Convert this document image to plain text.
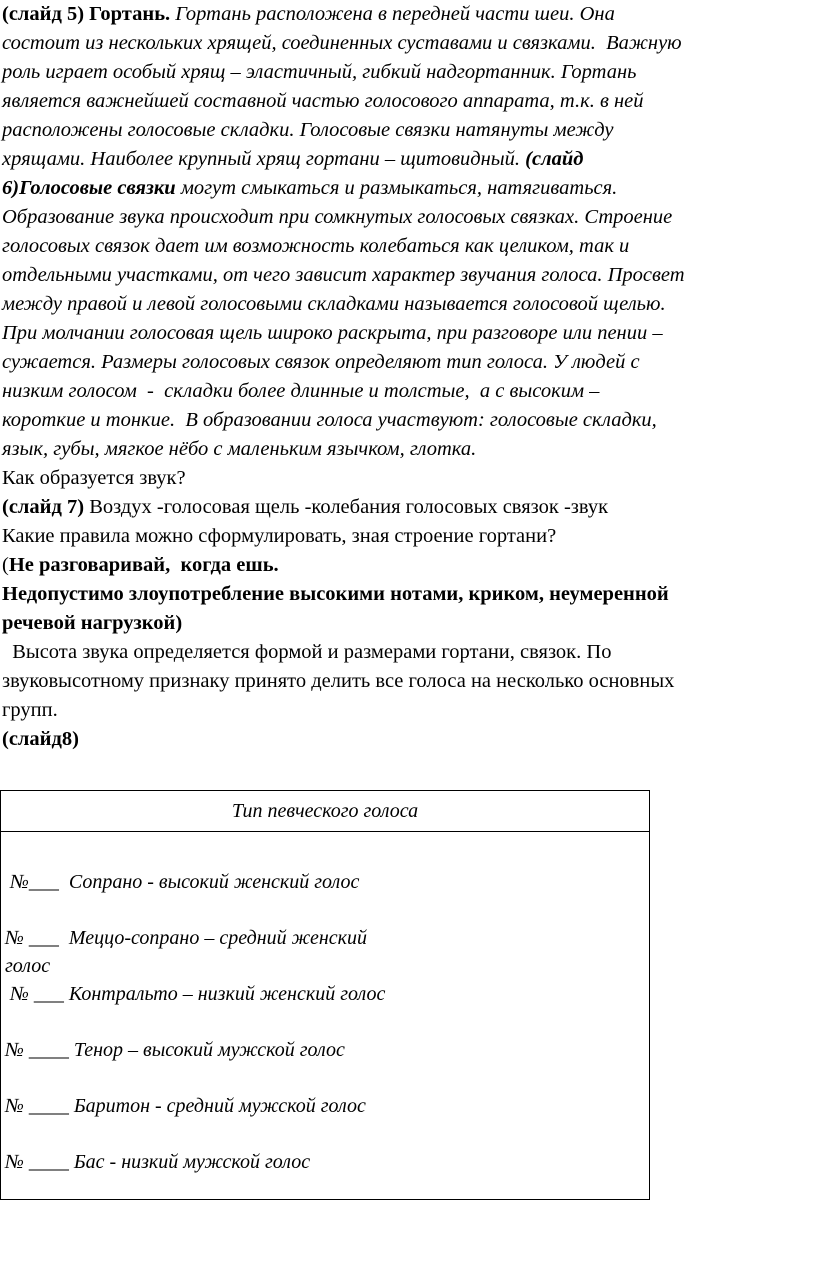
(слайд 5) Гортань. Гортань расположена в передней части шеи. Она
состоит из нескольких хрящей, соединенных суставами и связками.  Важную
роль играет особый хрящ – эластичный, гибкий надгортанник. Гортань
является важнейшей составной частью голосового аппарата, т.к. в ней
расположены голосовые складки. Голосовые связки натянуты между
хрящами. Наиболее крупный хрящ гортани – щитовидный. (слайд
6)Голосовые связки могут смыкаться и размыкаться, натягиваться.
Образование звука происходит при сомкнутых голосовых связках. Строение
голосовых связок дает им возможность колебаться как целиком, так и
отдельными участками, от чего зависит характер звучания голоса. Просвет
между правой и левой голосовыми складками называется голосовой щелью.
При молчании голосовая щель широко раскрыта, при разговоре или пении –
сужается. Размеры голосовых связок определяют тип голоса. У людей с
низким голосом  -  складки более длинные и толстые,  а с высоким –
короткие и тонкие.  В образовании голоса участвуют: голосовые складки,
язык, губы, мягкое нёбо с маленьким язычком, глотка.
Как образуется звук?
(слайд 7) Воздух -голосовая щель -колебания голосовых связок -звук
Какие правила можно сформулировать, зная строение гортани?
(Не разговаривай,  когда ешь.
Недопустимо злоупотребление высокими нотами, криком, неумеренной
речевой нагрузкой)
Высота звука определяется формой и размерами гортани, связок. По
звуковысотному признаку принято делить все голоса на несколько основных
групп.
(слайд8)
Тип певческого голоса
№___  Сопрано - высокий женский голос
№ ___  Меццо-сопрано – средний женский
голос
№ ___ Контральто – низкий женский голос
№ ____ Тенор – высокий мужской голос
№ ____ Баритон - средний мужской голос
№ ____ Бас - низкий мужской голос
